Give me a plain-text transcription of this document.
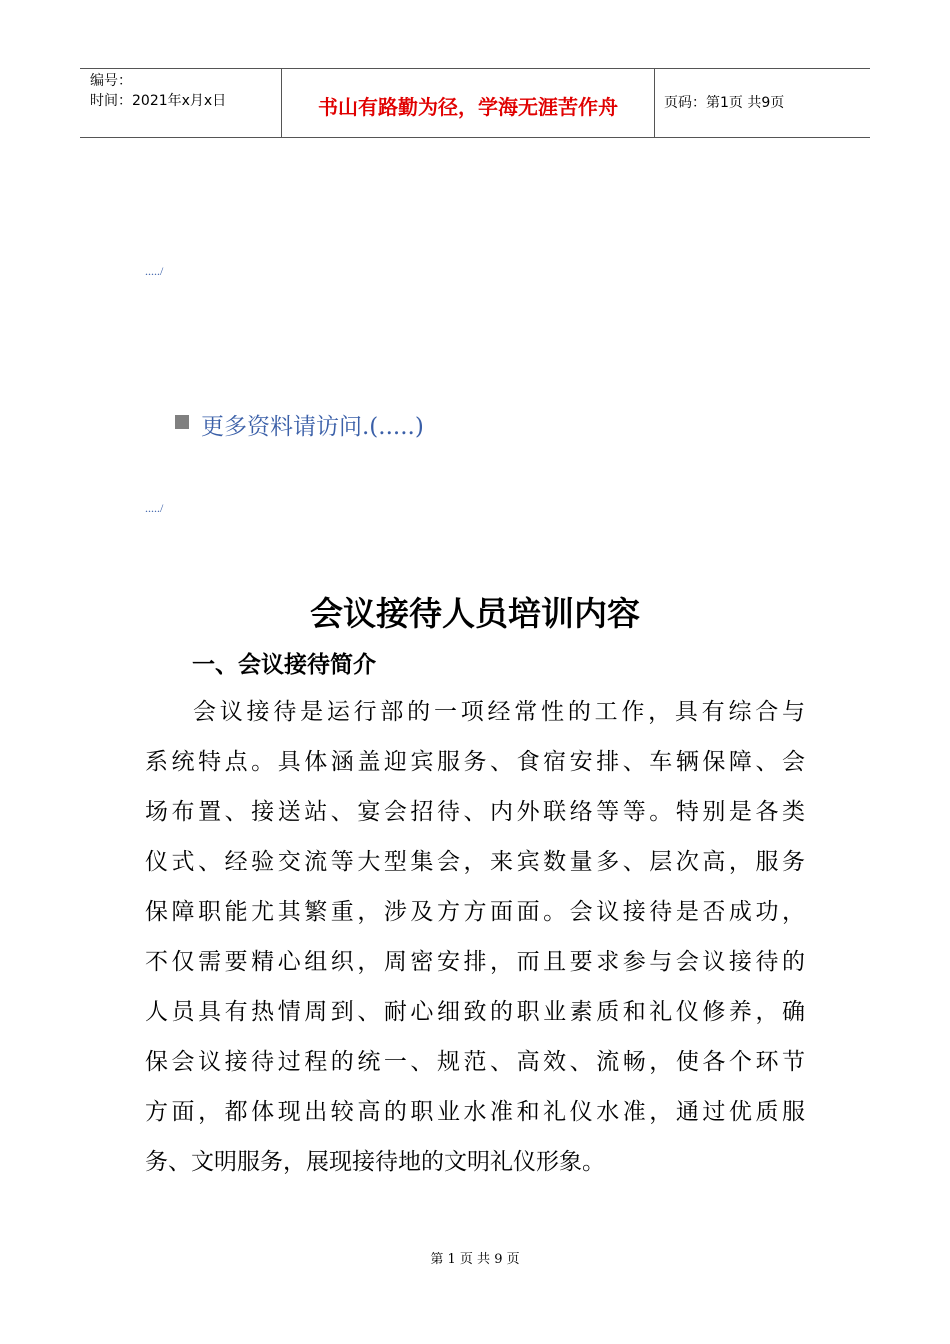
编号：
时间：2021年x月x日	书山有路勤为径，学海无涯苦作舟	页码：第1页 共9页
...../
更多资料请访问.(.....)
...../
会议接待人员培训内容
一、会议接待简介
会议接待是运行部的一项经常性的工作，具有综合与
系统特点。具体涵盖迎宾服务、食宿安排、车辆保障、会
场布置、接送站、宴会招待、内外联络等等。特别是各类
仪式、经验交流等大型集会，来宾数量多、层次高，服务
保障职能尤其繁重，涉及方方面面。会议接待是否成功，
不仅需要精心组织，周密安排，而且要求参与会议接待的
人员具有热情周到、耐心细致的职业素质和礼仪修养，确
保会议接待过程的统一、规范、高效、流畅，使各个环节
方面，都体现出较高的职业水准和礼仪水准，通过优质服
务、文明服务，展现接待地的文明礼仪形象。
第 1 页 共 9 页
